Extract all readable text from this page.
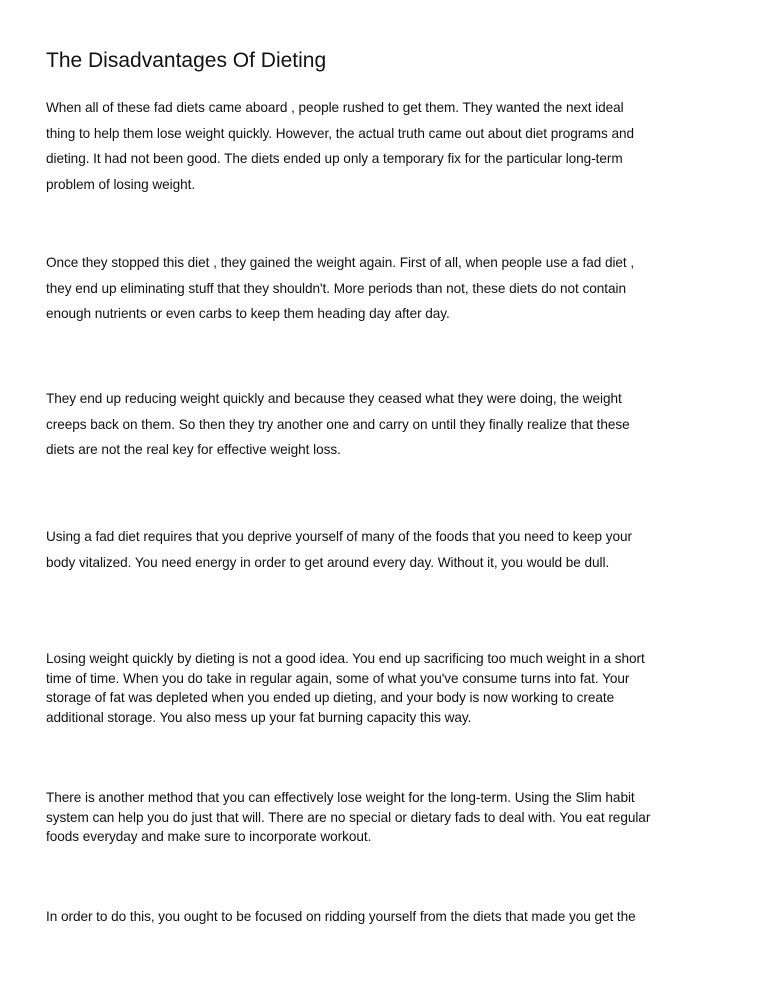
The Disadvantages Of Dieting

When all of these fad diets came aboard , people rushed to get them. They wanted the next ideal
thing to help them lose weight quickly. However, the actual truth came out about diet programs and
dieting. It had not been good. The diets ended up only a temporary fix for the particular long-term
problem of losing weight.

Once they stopped this diet , they gained the weight again. First of all, when people use a fad diet ,
they end up eliminating stuff that they shouldn't. More periods than not, these diets do not contain
enough nutrients or even carbs to keep them heading day after day.

They end up reducing weight quickly and because they ceased what they were doing, the weight
creeps back on them. So then they try another one and carry on until they finally realize that these
diets are not the real key for effective weight loss.

Using a fad diet requires that you deprive yourself of many of the foods that you need to keep your
body vitalized. You need energy in order to get around every day. Without it, you would be dull.

Losing weight quickly by dieting is not a good idea. You end up sacrificing too much weight in a short
time of time. When you do take in regular again, some of what you've consume turns into fat. Your
storage of fat was depleted when you ended up dieting, and your body is now working to create
additional storage. You also mess up your fat burning capacity this way.

There is another method that you can effectively lose weight for the long-term. Using the Slim habit
system can help you do just that will. There are no special or dietary fads to deal with. You eat regular
foods everyday and make sure to incorporate workout.

In order to do this, you ought to be focused on ridding yourself from the diets that made you get the
